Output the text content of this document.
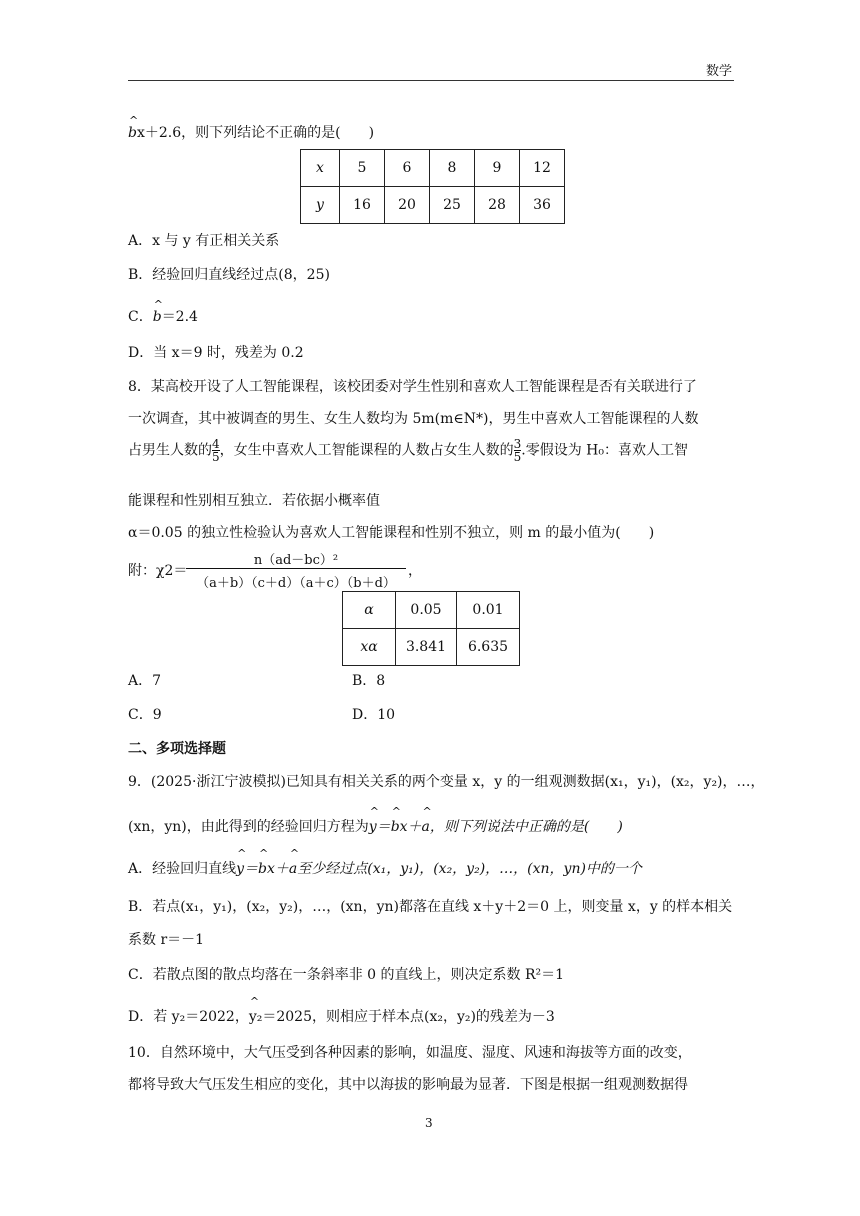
数学
^ bx＋2.6，则下列结论不正确的是(　　)
x	5	6	8	9	12
y	16	20	25	28	36
A．x 与 y 有正相关关系
B．经验回归直线经过点(8，25)
C．^ b＝2.4
D．当 x＝9 时，残差为 0.2
8．某高校开设了人工智能课程，该校团委对学生性别和喜欢人工智能课程是否有关联进行了
一次调查，其中被调查的男生、女生人数均为 5m(m∈N*)，男生中喜欢人工智能课程的人数
占男生人数的 $\frac{4}{5}$ ，女生中喜欢人工智能课程的人数占女生人数的 $\frac{3}{5}$ .零假设为 H₀：喜欢人工智
能课程和性别相互独立．若依据小概率值
α＝0.05 的独立性检验认为喜欢人工智能课程和性别不独立，则 m 的最小值为(　　)
附：χ2＝
n（ad－bc）²
（a＋b）（c＋d）（a＋c）（b＋d）
，
α	0.05	0.01
xα	3.841	6.635
A．7	B．8
C．9	D．10
二、多项选择题
9．(2025·浙江宁波模拟)已知具有相关关系的两个变量 x，y 的一组观测数据(x₁，y₁)，(x₂，y₂)，…，
(xn，yn)，由此得到的经验回归方程为^ y＝^ bx＋^ a，则下列说法中正确的是(　　)
A．经验回归直线^ y＝^ bx＋^ a至少经过点(x₁，y₁)，(x₂，y₂)，…，(xn，yn)中的一个
B．若点(x₁，y₁)，(x₂，y₂)，…，(xn，yn)都落在直线 x＋y＋2＝0 上，则变量 x，y 的样本相关
系数 r＝－1
C．若散点图的散点均落在一条斜率非 0 的直线上，则决定系数 R²＝1
D．若 y₂＝2022，^ y₂＝2025，则相应于样本点(x₂，y₂)的残差为－3
10．自然环境中，大气压受到各种因素的影响，如温度、湿度、风速和海拔等方面的改变，
都将导致大气压发生相应的变化，其中以海拔的影响最为显著．下图是根据一组观测数据得
3
